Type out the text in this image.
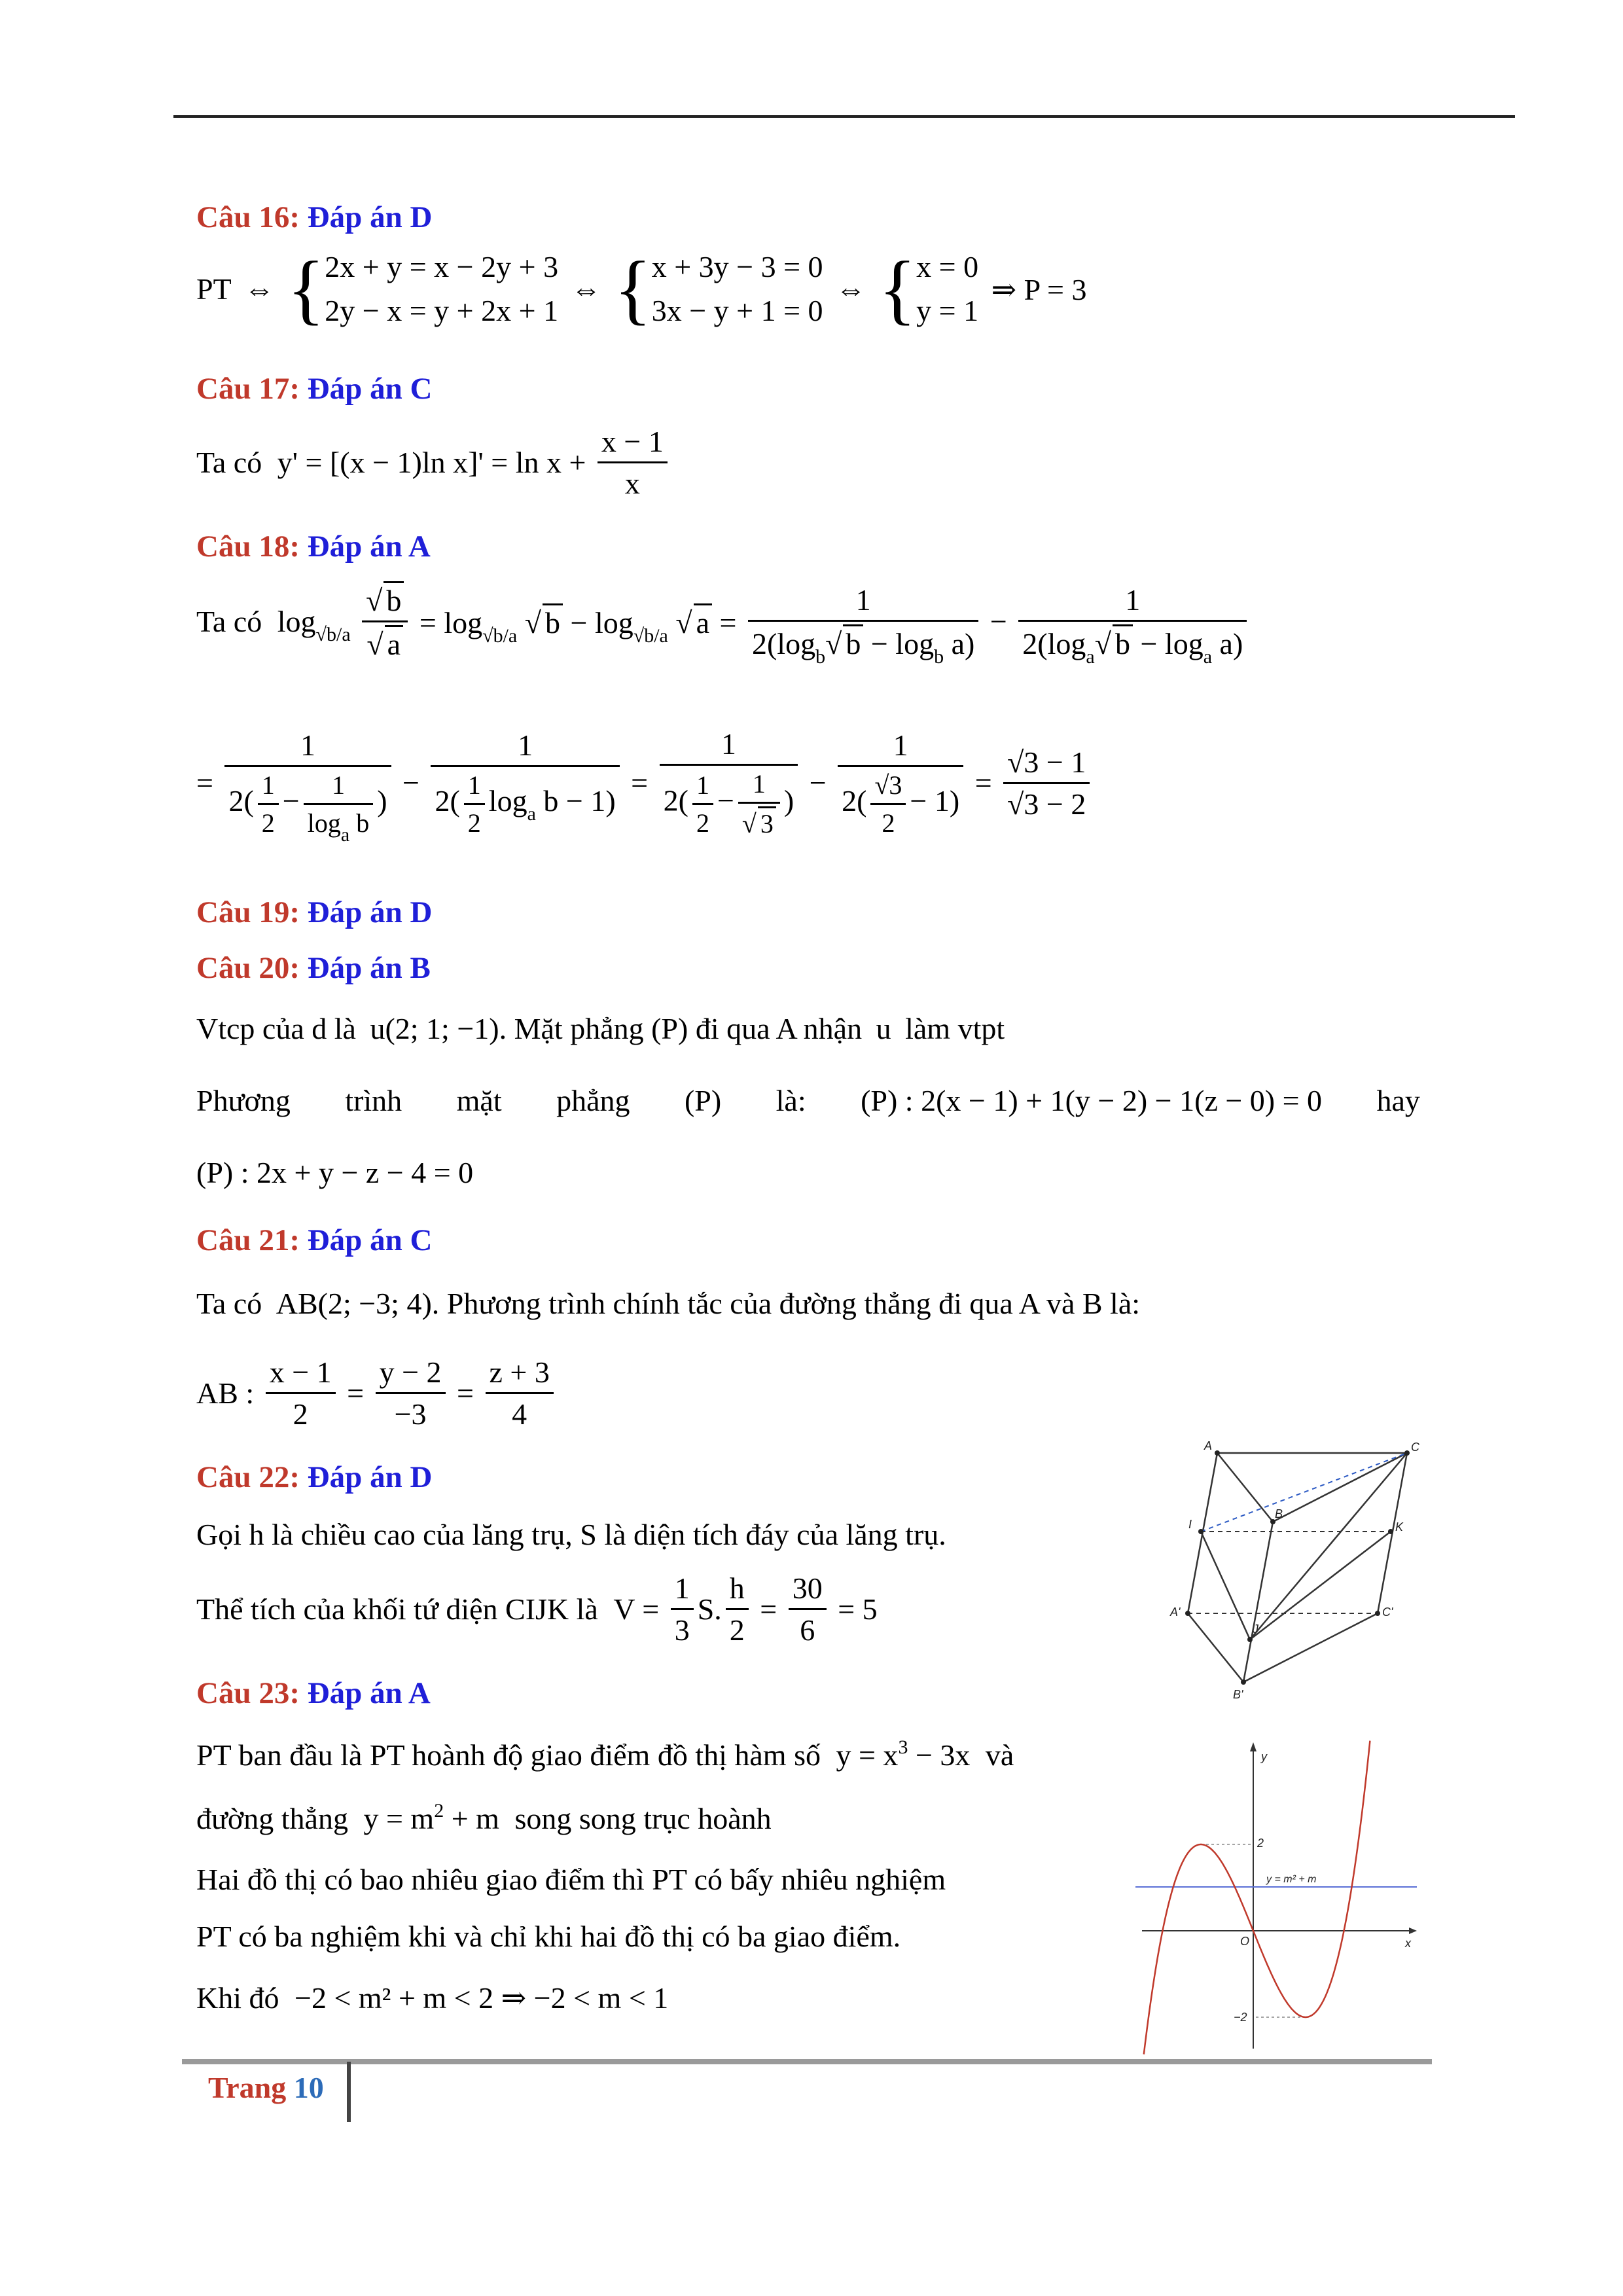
Câu 16: Đáp án D
PT ⇔ {2x + y = x − 2y + 3
2y − x = y + 2x + 1 ⇔ {x + 3y − 3 = 0
3x − y + 1 = 0 ⇔ {x = 0
y = 1 ⇒ P = 3
Câu 17: Đáp án C
Ta có y' = [(x − 1)ln $x]' = \ln x + \frac{x - 1}{x}$
Câu 18: Đáp án A
Ta có $\log_{√b/a} \frac{√ b}{√ a} = \log_{√b/a}$ √ $b - \log_{√b/a}$ √ $a = \frac{1}{2(\log_b√ b - \log_b a)} - \frac{1}{2(\log_a√ b - \log_a a)}$
= $\frac{1}{2( \frac{1}{2} - \frac{1}{\log_a b} )} - \frac{1}{2( \frac{1}{2} \log_a b - 1)} = \frac{1}{2( \frac{1}{2} - \frac{1}{√ 3} )} - \frac{1}{2( \frac{√3}{2} - 1)} = \frac{√3 - 1}{√3 - 2}$
Câu 19: Đáp án D
Câu 20: Đáp án B
Vtcp của d là u(2; 1; −1). Mặt phẳng (P) đi qua A nhận u làm vtpt
Phương trình mặt phẳng (P) là: (P) : 2(x − 1) + 1(y − 2) − 1(z − 0) = 0 hay
(P) : 2x + y − z − 4 = 0
Câu 21: Đáp án C
Ta có AB(2; −3; 4). Phương trình chính tắc của đường thẳng đi qua A và B là:
AB : $\frac{x - 1}{2} = \frac{y - 2}{-3} = \frac{z + 3}{4}$
Câu 22: Đáp án D
Gọi h là chiều cao của lăng trụ, S là diện tích đáy của lăng trụ.
Thể tích của khối tứ diện CIJK là $V = \frac{1}{3} S$. $\frac{h}{2} = \frac{30}{6} = 5$
A	C
I
B
K
J
A'	C'
B'
Câu 23: Đáp án A
PT ban đầu là PT hoành độ giao điểm đồ thị hàm số $y = x^3 - 3x$ và
đường thẳng $y = m^2 + m$ song song trục hoành
Hai đồ thị có bao nhiêu giao điểm thì PT có bấy nhiêu nghiệm
PT có ba nghiệm khi và chỉ khi hai đồ thị có ba giao điểm.
Khi đó −2 < m² + m < 2 ⇒ −2 < m < 1
y
x
O
2
−2
y = m² + m
Trang 10
